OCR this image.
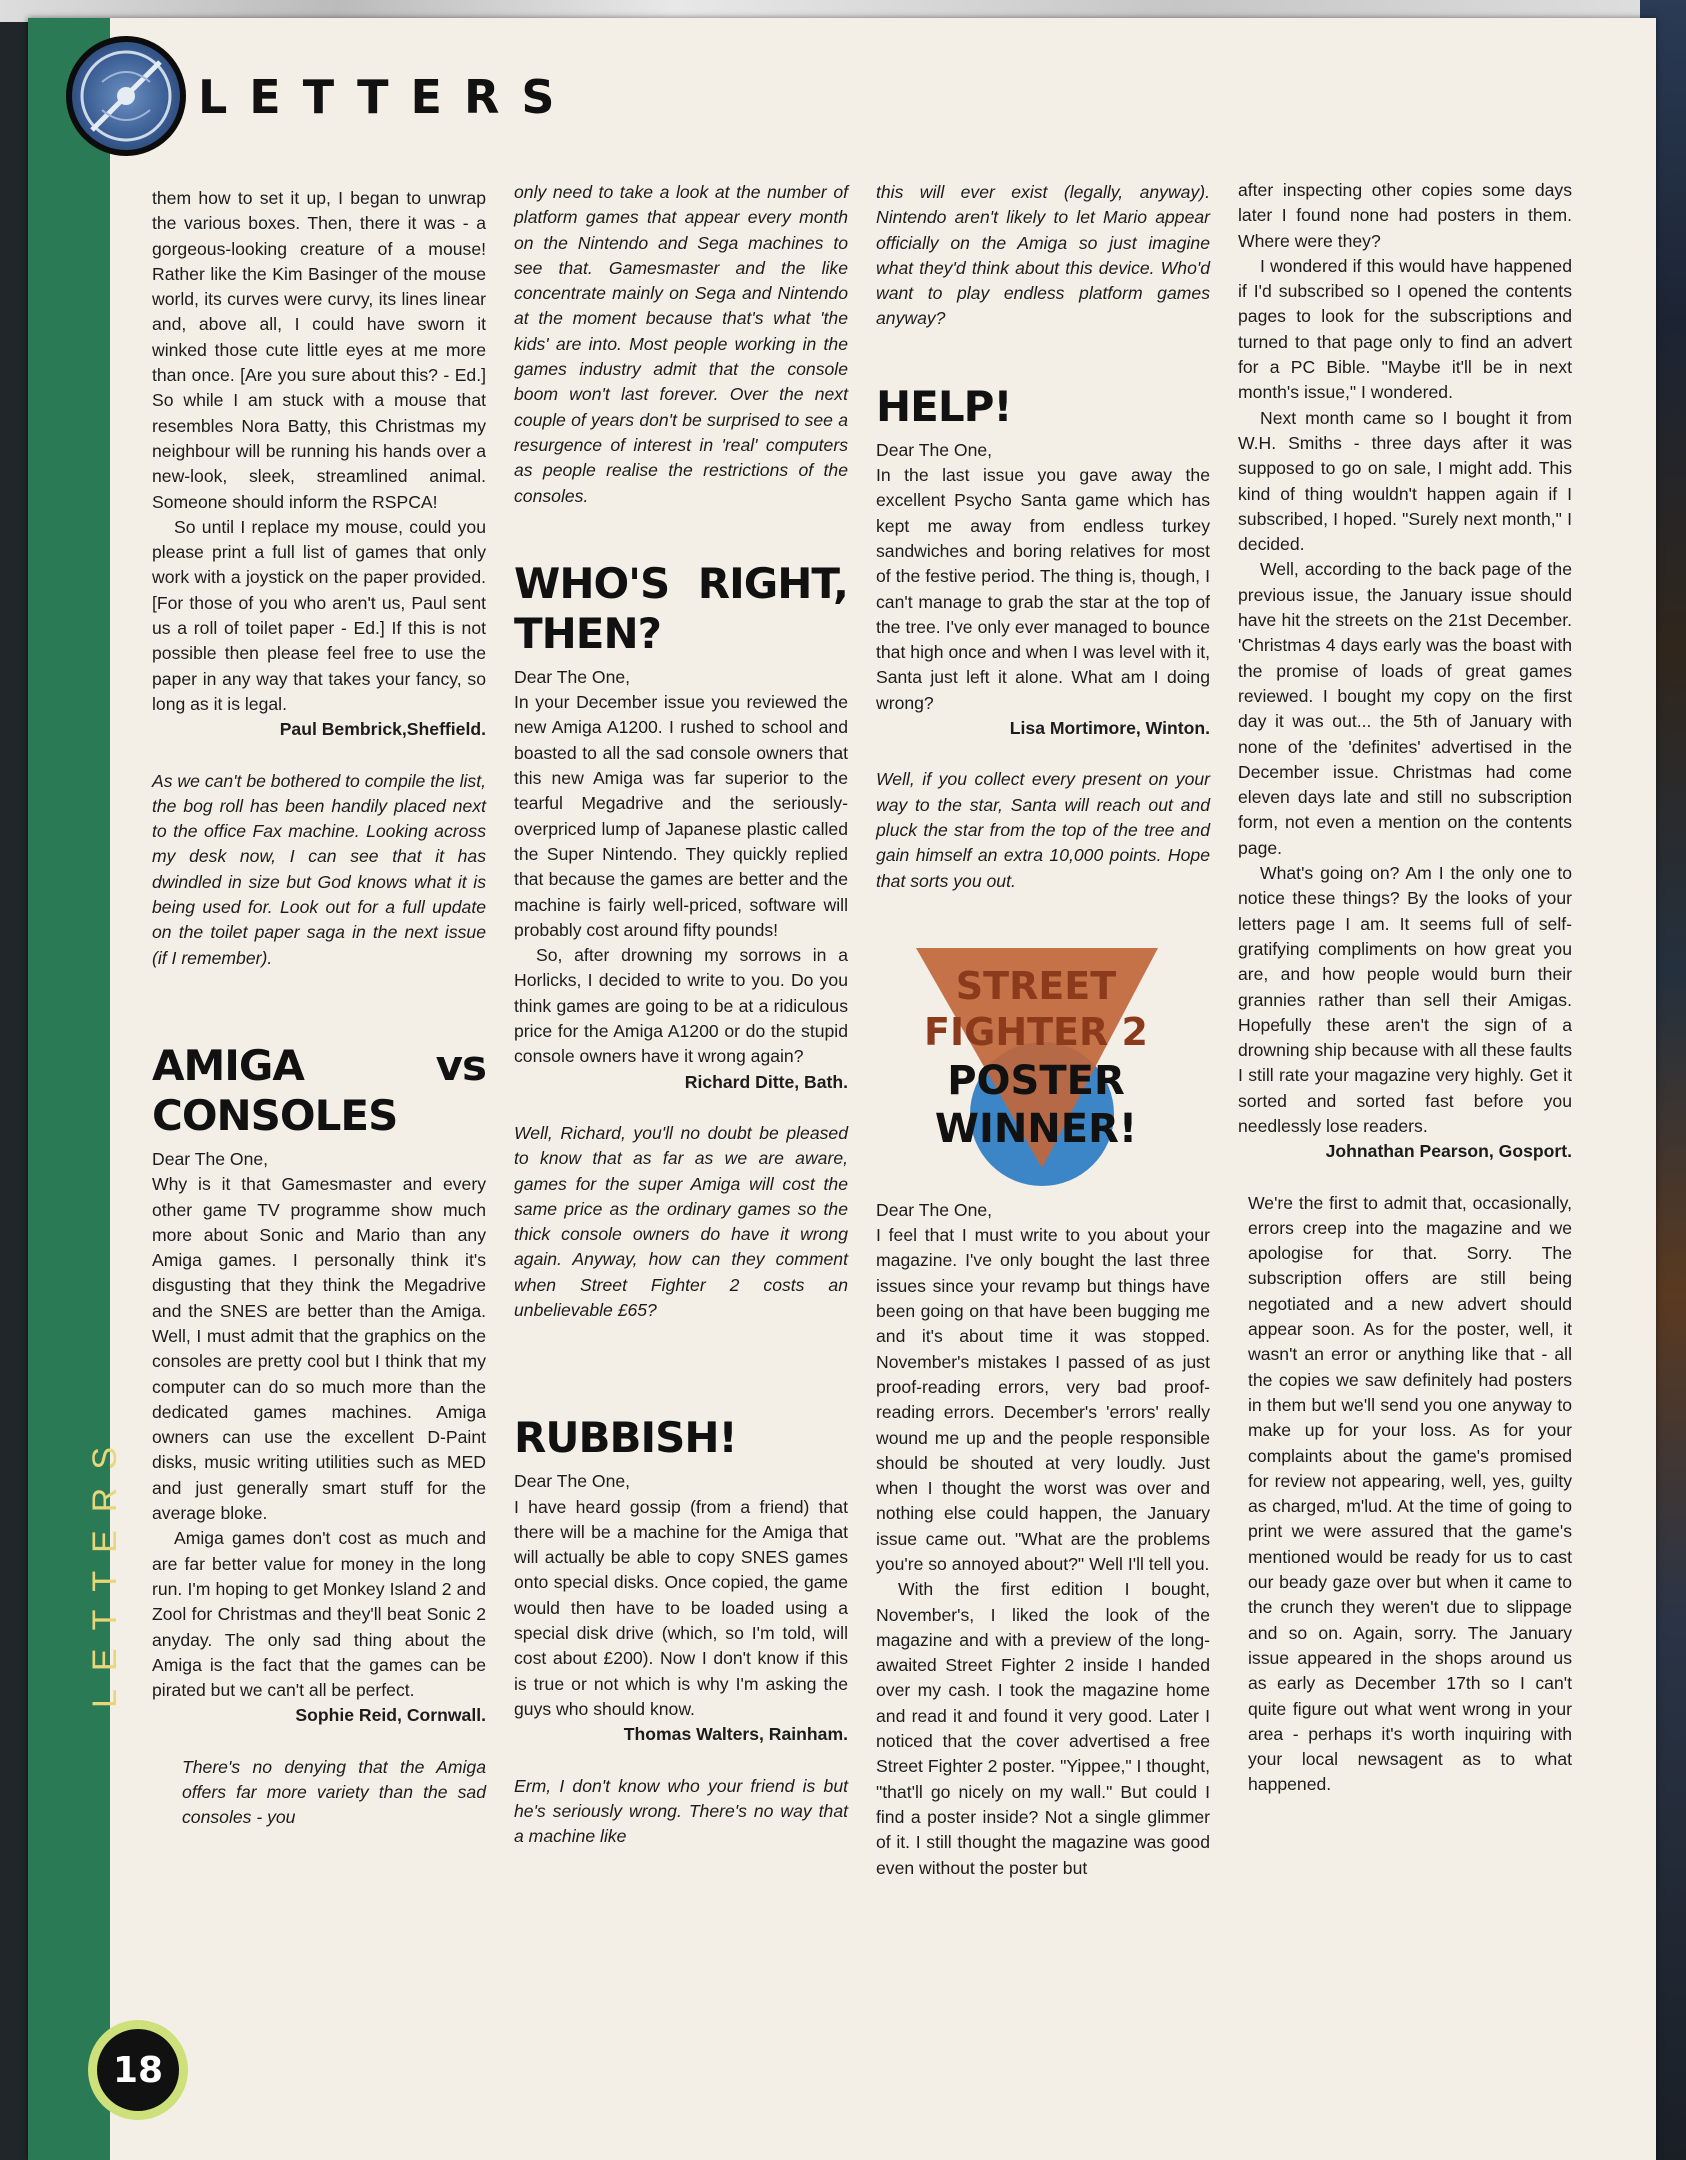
LETTERS
LETTERS

them how to set it up, I began to unwrap the various boxes. Then, there it was - a gorgeous-looking creature of a mouse! Rather like the Kim Basinger of the mouse world, its curves were curvy, its lines linear and, above all, I could have sworn it winked those cute little eyes at me more than once. [Are you sure about this? - Ed.] So while I am stuck with a mouse that resembles Nora Batty, this Christmas my neighbour will be running his hands over a new-look, sleek, streamlined animal. Someone should inform the RSPCA!

So until I replace my mouse, could you please print a full list of games that only work with a joystick on the paper provided. [For those of you who aren't us, Paul sent us a roll of toilet paper - Ed.] If this is not possible then please feel free to use the paper in any way that takes your fancy, so long as it is legal.

Paul Bembrick,Sheffield.

As we can't be bothered to compile the list, the bog roll has been handily placed next to the office Fax machine. Looking across my desk now, I can see that it has dwindled in size but God knows what it is being used for. Look out for a full update on the toilet paper saga in the next issue (if I remember).

AMIGA vs CONSOLES

Dear The One,

Why is it that Gamesmaster and every other game TV programme show much more about Sonic and Mario than any Amiga games. I personally think it's disgusting that they think the Megadrive and the SNES are better than the Amiga. Well, I must admit that the graphics on the consoles are pretty cool but I think that my computer can do so much more than the dedicated games machines. Amiga owners can use the excellent D-Paint disks, music writing utilities such as MED and just generally smart stuff for the average bloke.

Amiga games don't cost as much and are far better value for money in the long run. I'm hoping to get Monkey Island 2 and Zool for Christmas and they'll beat Sonic 2 anyday. The only sad thing about the Amiga is the fact that the games can be pirated but we can't all be perfect.

Sophie Reid, Cornwall.

There's no denying that the Amiga offers far more variety than the sad consoles - you

only need to take a look at the number of platform games that appear every month on the Nintendo and Sega machines to see that. Gamesmaster and the like concentrate mainly on Sega and Nintendo at the moment because that's what 'the kids' are into. Most people working in the games industry admit that the console boom won't last forever. Over the next couple of years don't be surprised to see a resurgence of interest in 'real' computers as people realise the restrictions of the consoles.

WHO'S RIGHT, THEN?

Dear The One,

In your December issue you reviewed the new Amiga A1200. I rushed to school and boasted to all the sad console owners that this new Amiga was far superior to the tearful Megadrive and the seriously-overpriced lump of Japanese plastic called the Super Nintendo. They quickly replied that because the games are better and the machine is fairly well-priced, software will probably cost around fifty pounds!

So, after drowning my sorrows in a Horlicks, I decided to write to you. Do you think games are going to be at a ridiculous price for the Amiga A1200 or do the stupid console owners have it wrong again?

Richard Ditte, Bath.

Well, Richard, you'll no doubt be pleased to know that as far as we are aware, games for the super Amiga will cost the same price as the ordinary games so the thick console owners do have it wrong again. Anyway, how can they comment when Street Fighter 2 costs an unbelievable £65?

RUBBISH!

Dear The One,

I have heard gossip (from a friend) that there will be a machine for the Amiga that will actually be able to copy SNES games onto special disks. Once copied, the game would then have to be loaded using a special disk drive (which, so I'm told, will cost about £200). Now I don't know if this is true or not which is why I'm asking the guys who should know.

Thomas Walters, Rainham.

Erm, I don't know who your friend is but he's seriously wrong. There's no way that a machine like

this will ever exist (legally, anyway). Nintendo aren't likely to let Mario appear officially on the Amiga so just imagine what they'd think about this device. Who'd want to play endless platform games anyway?

HELP!

Dear The One,

In the last issue you gave away the excellent Psycho Santa game which has kept me away from endless turkey sandwiches and boring relatives for most of the festive period. The thing is, though, I can't manage to grab the star at the top of the tree. I've only ever managed to bounce that high once and when I was level with it, Santa just left it alone. What am I doing wrong?

Lisa Mortimore, Winton.

Well, if you collect every present on your way to the star, Santa will reach out and pluck the star from the top of the tree and gain himself an extra 10,000 points. Hope that sorts you out.

STREET
FIGHTER 2
POSTER
WINNER!

Dear The One,

I feel that I must write to you about your magazine. I've only bought the last three issues since your revamp but things have been going on that have been bugging me and it's about time it was stopped. November's mistakes I passed of as just proof-reading errors, very bad proof-reading errors. December's 'errors' really wound me up and the people responsible should be shouted at very loudly. Just when I thought the worst was over and nothing else could happen, the January issue came out. "What are the problems you're so annoyed about?" Well I'll tell you.

With the first edition I bought, November's, I liked the look of the magazine and with a preview of the long-awaited Street Fighter 2 inside I handed over my cash. I took the magazine home and read it and found it very good. Later I noticed that the cover advertised a free Street Fighter 2 poster. "Yippee," I thought, "that'll go nicely on my wall." But could I find a poster inside? Not a single glimmer of it. I still thought the magazine was good even without the poster but

after inspecting other copies some days later I found none had posters in them. Where were they?

I wondered if this would have happened if I'd subscribed so I opened the contents pages to look for the subscriptions and turned to that page only to find an advert for a PC Bible. "Maybe it'll be in next month's issue," I wondered.

Next month came so I bought it from W.H. Smiths - three days after it was supposed to go on sale, I might add. This kind of thing wouldn't happen again if I subscribed, I hoped. "Surely next month," I decided.

Well, according to the back page of the previous issue, the January issue should have hit the streets on the 21st December. 'Christmas 4 days early was the boast with the promise of loads of great games reviewed. I bought my copy on the first day it was out... the 5th of January with none of the 'definites' advertised in the December issue. Christmas had come eleven days late and still no subscription form, not even a mention on the contents page.

What's going on? Am I the only one to notice these things? By the looks of your letters page I am. It seems full of self-gratifying compliments on how great you are, and how people would burn their grannies rather than sell their Amigas. Hopefully these aren't the sign of a drowning ship because with all these faults I still rate your magazine very highly. Get it sorted and sorted fast before you needlessly lose readers.

Johnathan Pearson, Gosport.

We're the first to admit that, occasionally, errors creep into the magazine and we apologise for that. Sorry. The subscription offers are still being negotiated and a new advert should appear soon. As for the poster, well, it wasn't an error or anything like that - all the copies we saw definitely had posters in them but we'll send you one anyway to make up for your loss. As for your complaints about the game's promised for review not appearing, well, yes, guilty as charged, m'lud. At the time of going to print we were assured that the game's mentioned would be ready for us to cast our beady gaze over but when it came to the crunch they weren't due to slippage and so on. Again, sorry. The January issue appeared in the shops around us as early as December 17th so I can't quite figure out what went wrong in your area - perhaps it's worth inquiring with your local newsagent as to what happened.

18
